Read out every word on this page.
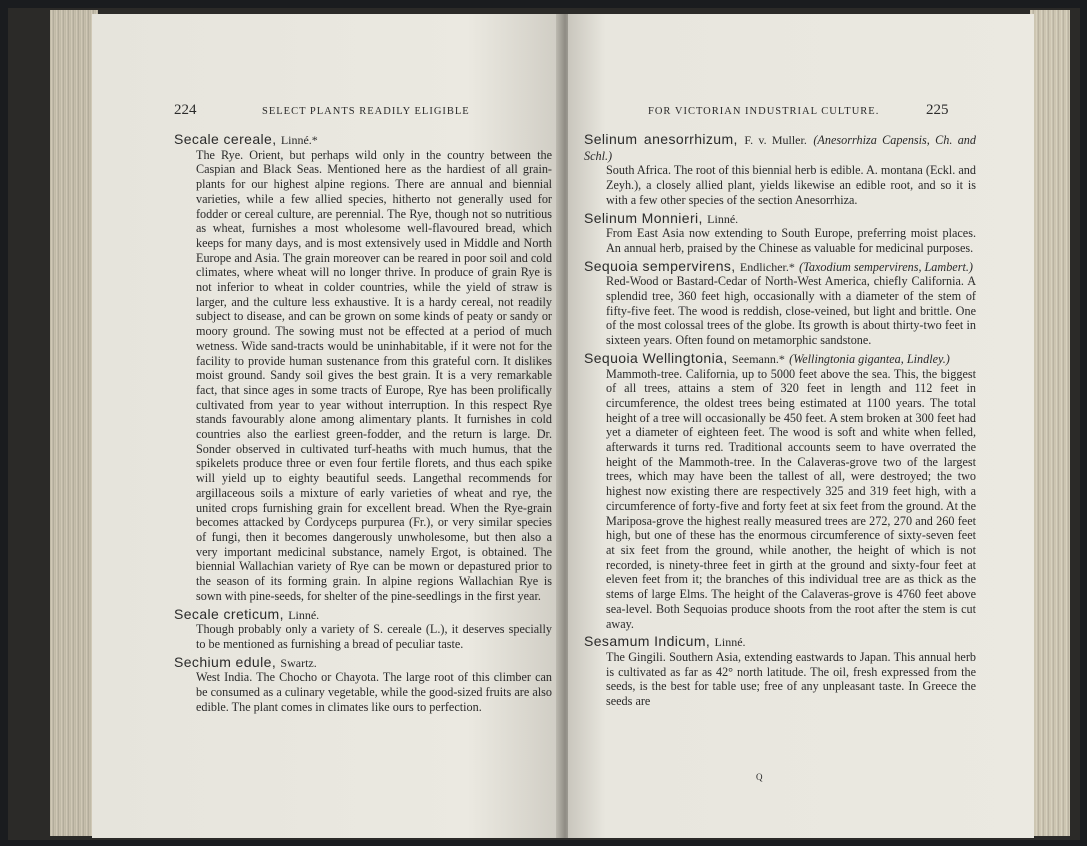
224	SELECT PLANTS READILY ELIGIBLE

Secale cereale, Linné.*

The Rye. Orient, but perhaps wild only in the country between the Caspian and Black Seas. Mentioned here as the hardiest of all grain-plants for our highest alpine regions. There are annual and biennial varieties, while a few allied species, hitherto not generally used for fodder or cereal culture, are perennial. The Rye, though not so nutritious as wheat, furnishes a most wholesome well-flavoured bread, which keeps for many days, and is most extensively used in Middle and North Europe and Asia. The grain moreover can be reared in poor soil and cold climates, where wheat will no longer thrive. In produce of grain Rye is not inferior to wheat in colder countries, while the yield of straw is larger, and the culture less exhaustive. It is a hardy cereal, not readily subject to disease, and can be grown on some kinds of peaty or sandy or moory ground. The sowing must not be effected at a period of much wetness. Wide sand-tracts would be uninhabitable, if it were not for the facility to provide human sustenance from this grateful corn. It dislikes moist ground. Sandy soil gives the best grain. It is a very remarkable fact, that since ages in some tracts of Europe, Rye has been prolifically cultivated from year to year without interruption. In this respect Rye stands favourably alone among alimentary plants. It furnishes in cold countries also the earliest green-fodder, and the return is large. Dr. Sonder observed in cultivated turf-heaths with much humus, that the spikelets produce three or even four fertile florets, and thus each spike will yield up to eighty beautiful seeds. Langethal recommends for argillaceous soils a mixture of early varieties of wheat and rye, the united crops furnishing grain for excellent bread. When the Rye-grain becomes attacked by Cordyceps purpurea (Fr.), or very similar species of fungi, then it becomes dangerously unwholesome, but then also a very important medicinal substance, namely Ergot, is obtained. The biennial Wallachian variety of Rye can be mown or depastured prior to the season of its forming grain. In alpine regions Wallachian Rye is sown with pine-seeds, for shelter of the pine-seedlings in the first year.

Secale creticum, Linné.

Though probably only a variety of S. cereale (L.), it deserves specially to be mentioned as furnishing a bread of peculiar taste.

Sechium edule, Swartz.

West India. The Chocho or Chayota. The large root of this climber can be consumed as a culinary vegetable, while the good-sized fruits are also edible. The plant comes in climates like ours to perfection.

FOR VICTORIAN INDUSTRIAL CULTURE.	225

Selinum anesorrhizum, F. v. Muller. (Anesorrhiza Capensis, Ch. and Schl.)

South Africa. The root of this biennial herb is edible. A. montana (Eckl. and Zeyh.), a closely allied plant, yields likewise an edible root, and so it is with a few other species of the section Anesorrhiza.

Selinum Monnieri, Linné.

From East Asia now extending to South Europe, preferring moist places. An annual herb, praised by the Chinese as valuable for medicinal purposes.

Sequoia sempervirens, Endlicher.* (Taxodium sempervirens, Lambert.)

Red-Wood or Bastard-Cedar of North-West America, chiefly California. A splendid tree, 360 feet high, occasionally with a diameter of the stem of fifty-five feet. The wood is reddish, close-veined, but light and brittle. One of the most colossal trees of the globe. Its growth is about thirty-two feet in sixteen years. Often found on metamorphic sandstone.

Sequoia Wellingtonia, Seemann.* (Wellingtonia gigantea, Lindley.)

Mammoth-tree. California, up to 5000 feet above the sea. This, the biggest of all trees, attains a stem of 320 feet in length and 112 feet in circumference, the oldest trees being estimated at 1100 years. The total height of a tree will occasionally be 450 feet. A stem broken at 300 feet had yet a diameter of eighteen feet. The wood is soft and white when felled, afterwards it turns red. Traditional accounts seem to have overrated the height of the Mammoth-tree. In the Calaveras-grove two of the largest trees, which may have been the tallest of all, were destroyed; the two highest now existing there are respectively 325 and 319 feet high, with a circumference of forty-five and forty feet at six feet from the ground. At the Mariposa-grove the highest really measured trees are 272, 270 and 260 feet high, but one of these has the enormous circumference of sixty-seven feet at six feet from the ground, while another, the height of which is not recorded, is ninety-three feet in girth at the ground and sixty-four feet at eleven feet from it; the branches of this individual tree are as thick as the stems of large Elms. The height of the Calaveras-grove is 4760 feet above sea-level. Both Sequoias produce shoots from the root after the stem is cut away.

Sesamum Indicum, Linné.

The Gingili. Southern Asia, extending eastwards to Japan. This annual herb is cultivated as far as 42° north latitude. The oil, fresh expressed from the seeds, is the best for table use; free of any unpleasant taste. In Greece the seeds are

Q
